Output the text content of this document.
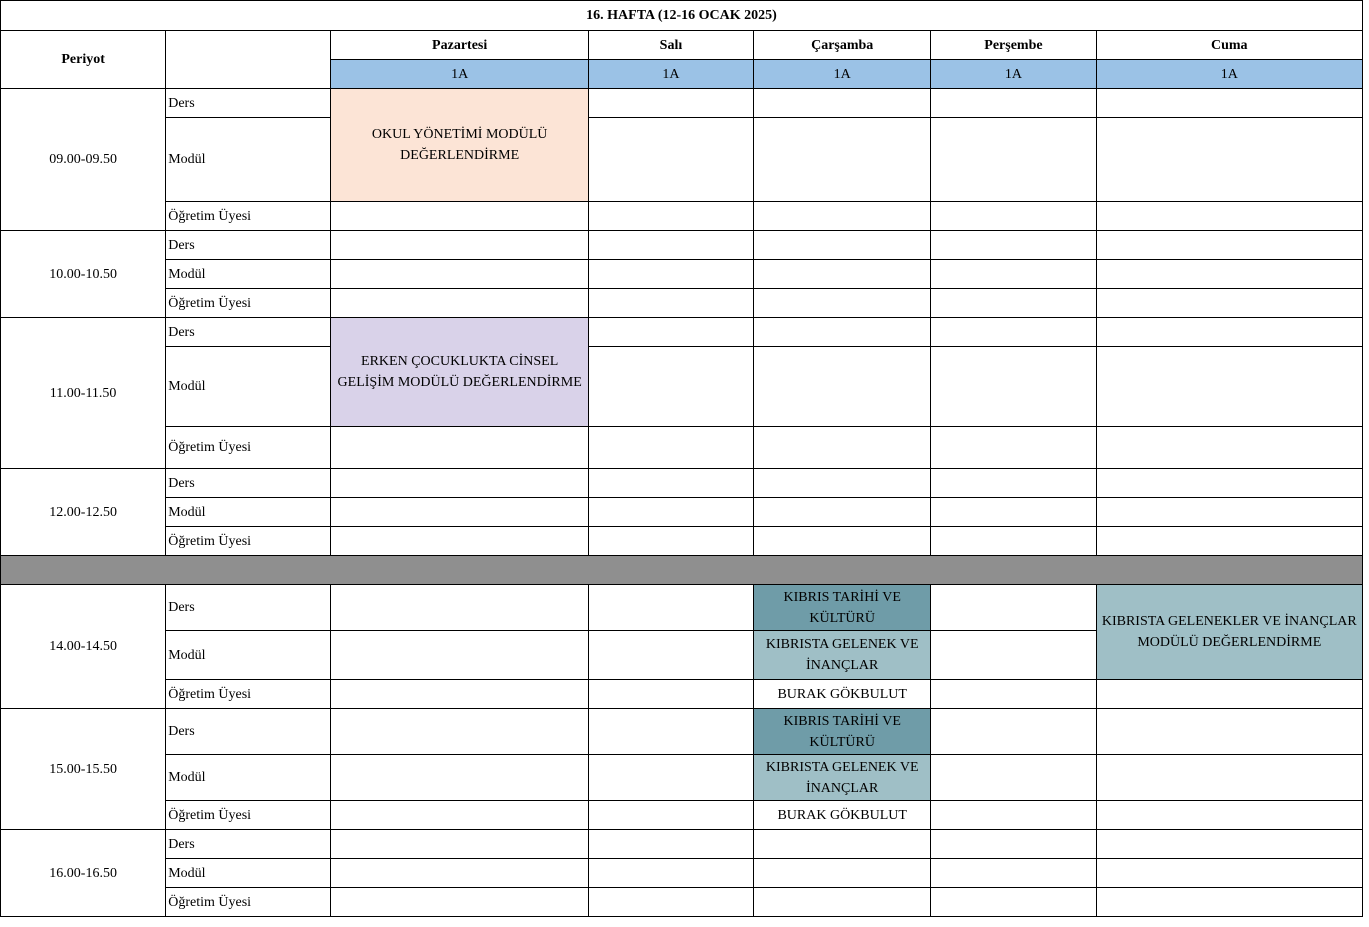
16. HAFTA (12-16 OCAK 2025)						
Periyot		Pazartesi	Salı	Çarşamba	Perşembe	Cuma
		1A	1A	1A	1A	1A
09.00-09.50	Ders	OKUL YÖNETİMİ MODÜLÜ DEĞERLENDİRME				
	Modül					
	Öğretim Üyesi					
10.00-10.50	Ders					
	Modül					
	Öğretim Üyesi					
11.00-11.50	Ders	ERKEN ÇOCUKLUKTA CİNSEL GELİŞİM MODÜLÜ DEĞERLENDİRME				
	Modül					
	Öğretim Üyesi					
12.00-12.50	Ders					
	Modül					
	Öğretim Üyesi					

14.00-14.50	Ders			KIBRIS TARİHİ VE KÜLTÜRÜ		KIBRISTA GELENEKLER VE İNANÇLAR MODÜLÜ DEĞERLENDİRME
	Modül			KIBRISTA GELENEK VE İNANÇLAR		
	Öğretim Üyesi			BURAK GÖKBULUT		
15.00-15.50	Ders			KIBRIS TARİHİ VE KÜLTÜRÜ		
	Modül			KIBRISTA GELENEK VE İNANÇLAR		
	Öğretim Üyesi			BURAK GÖKBULUT		
16.00-16.50	Ders					
	Modül					
	Öğretim Üyesi					
